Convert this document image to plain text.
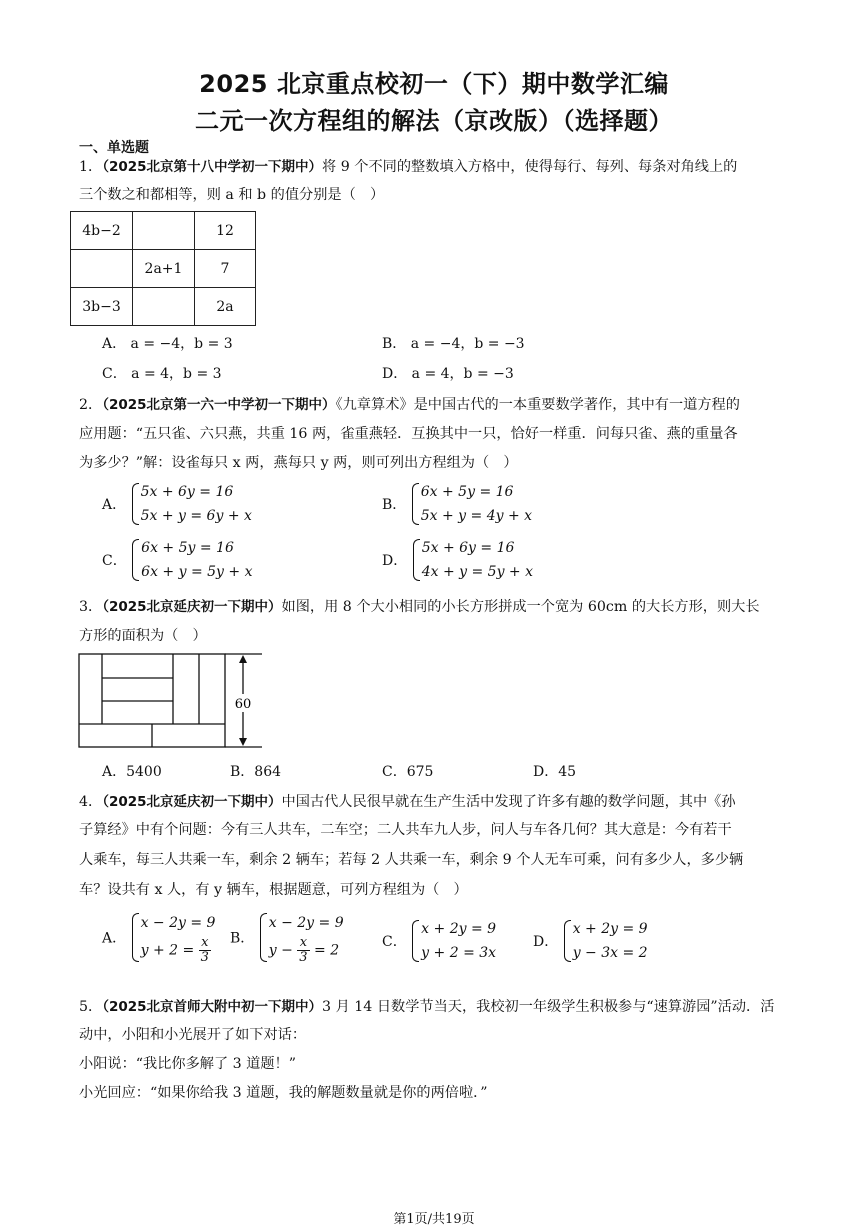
2025 北京重点校初一（下）期中数学汇编
二元一次方程组的解法（京改版）（选择题）
一、单选题
1．（2025北京第十八中学初一下期中）将 9 个不同的整数填入方格中，使得每行、每列、每条对角线上的
三个数之和都相等，则 a 和 b 的值分别是（　）
4b−2		12
	2a+1	7
3b−3		2a
A． a = −4，b = 3	B． a = −4，b = −3
C． a = 4，b = 3	D． a = 4，b = −3
2．（2025北京第一六一中学初一下期中）《九章算术》是中国古代的一本重要数学著作，其中有一道方程的
应用题：“五只雀、六只燕，共重 16 两，雀重燕轻．互换其中一只，恰好一样重．问每只雀、燕的重量各
为多少？”解：设雀每只 x 两，燕每只 y 两，则可列出方程组为（　）
A．
5x + 6y = 16
5x + y = 6y + x
B．
6x + 5y = 16
5x + y = 4y + x
C．
6x + 5y = 16
6x + y = 5y + x
D．
5x + 6y = 16
4x + y = 5y + x
3．（2025北京延庆初一下期中）如图，用 8 个大小相同的小长方形拼成一个宽为 60cm 的大长方形，则大长
方形的面积为（　）
60
A．5400	B．864	C．675	D．45
4．（2025北京延庆初一下期中）中国古代人民很早就在生产生活中发现了许多有趣的数学问题，其中《孙
子算经》中有个问题：今有三人共车，二车空；二人共车九人步，问人与车各几何？其大意是：今有若干
人乘车，每三人共乘一车，剩余 2 辆车；若每 2 人共乘一车，剩余 9 个人无车可乘，问有多少人，多少辆
车？设共有 x 人，有 y 辆车，根据题意，可列方程组为（　）
A．
x − 2y = 9
$y + 2 = \frac{x}{3}$ B．
x − 2y = 9
$y - \frac{x}{3} = 2$
C．
x + 2y = 9
y + 2 = 3x
D．
x + 2y = 9
y − 3x = 2
5．（2025北京首师大附中初一下期中）3 月 14 日数学节当天，我校初一年级学生积极参与“速算游园”活动．活
动中，小阳和小光展开了如下对话：
小阳说：“我比你多解了 3 道题！”
小光回应：“如果你给我 3 道题，我的解题数量就是你的两倍啦．”
第1页/共19页
